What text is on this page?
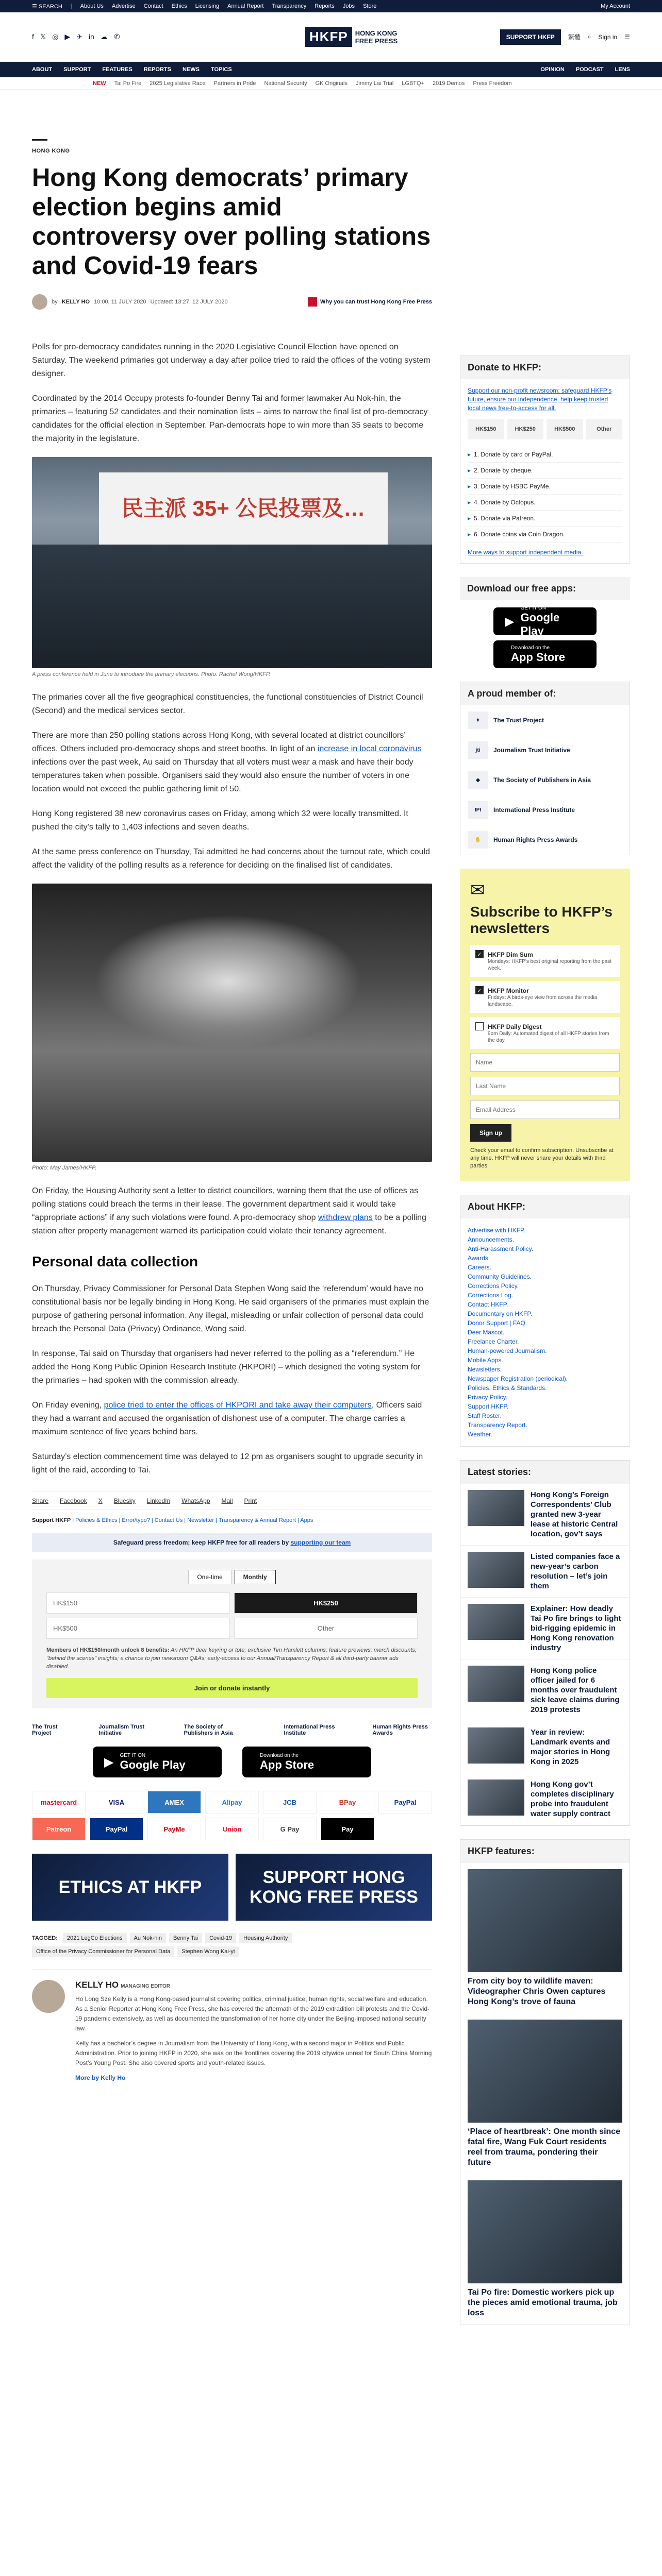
☰ SEARCH | About Us Advertise Contact Ethics Licensing Annual Report Transparency Reports Jobs Store	My Account
f 𝕏 ◎ ▶ ✈ in ☁ ✆	HKFP	HONG KONG
FREE PRESS	SUPPORT HKFP	繁體 ⌕ Sign in ☰
ABOUT SUPPORT FEATURES REPORTS NEWS TOPICS	OPINION PODCAST LENS
NEW Tai Po Fire 2025 Legislative Race Partners in Pride National Security GK Originals Jimmy Lai Trial LGBTQ+ 2019 Demos Press Freedom
HONG KONG
Hong Kong democrats’ primary election begins amid controversy over polling stations and Covid-19 fears
by KELLY HO 10:00, 11 JULY 2020 Updated: 13:27, 12 JULY 2020	Why you can trust Hong Kong Free Press

Polls for pro-democracy candidates running in the 2020 Legislative Council Election have opened on Saturday. The weekend primaries got underway a day after police tried to raid the offices of the voting system designer.

Coordinated by the 2014 Occupy protests fo-founder Benny Tai and former lawmaker Au Nok-hin, the primaries – featuring 52 candidates and their nomination lists – aims to narrow the final list of pro-democracy candidates for the official election in September. Pan-democrats hope to win more than 35 seats to become the majority in the legislature.

民主派 35+ 公民投票及…
A press conference held in June to introduce the primary elections. Photo: Rachel Wong/HKFP.

The primaries cover all the five geographical constituencies, the functional constituencies of District Council (Second) and the medical services sector.

There are more than 250 polling stations across Hong Kong, with several located at district councillors’ offices. Others included pro-democracy shops and street booths. In light of an increase in local coronavirus infections over the past week, Au said on Thursday that all voters must wear a mask and have their body temperatures taken when possible. Organisers said they would also ensure the number of voters in one location would not exceed the public gathering limit of 50.

Hong Kong registered 38 new coronavirus cases on Friday, among which 32 were locally transmitted. It pushed the city’s tally to 1,403 infections and seven deaths.

At the same press conference on Thursday, Tai admitted he had concerns about the turnout rate, which could affect the validity of the polling results as a reference for deciding on the finalised list of candidates.

Photo: May James/HKFP.

On Friday, the Housing Authority sent a letter to district councillors, warning them that the use of offices as polling stations could breach the terms in their lease. The government department said it would take “appropriate actions” if any such violations were found. A pro-democracy shop withdrew plans to be a polling station after property management warned its participation could violate their tenancy agreement.

Personal data collection

On Thursday, Privacy Commissioner for Personal Data Stephen Wong said the ‘referendum’ would have no constitutional basis nor be legally binding in Hong Kong. He said organisers of the primaries must explain the purpose of gathering personal information. Any illegal, misleading or unfair collection of personal data could breach the Personal Data (Privacy) Ordinance, Wong said.

In response, Tai said on Thursday that organisers had never referred to the polling as a “referendum.” He added the Hong Kong Public Opinion Research Institute (HKPORI) – which designed the voting system for the primaries – had spoken with the commission already.

On Friday evening, police tried to enter the offices of HKPORI and take away their computers. Officers said they had a warrant and accused the organisation of dishonest use of a computer. The charge carries a maximum sentence of five years behind bars.

Saturday’s election commencement time was delayed to 12 pm as organisers sought to upgrade security in light of the raid, according to Tai.

Share Facebook X Bluesky LinkedIn WhatsApp Mail Print
Support HKFP | Policies & Ethics | Error/typo? | Contact Us | Newsletter | Transparency & Annual Report | Apps
Safeguard press freedom; keep HKFP free for all readers by supporting our team
One-time	Monthly
HK$150	HK$250
HK$500	Other
Members of HK$150/month unlock 8 benefits: An HKFP deer keyring or tote; exclusive Tim Hamlett columns; feature previews; merch discounts; "behind the scenes" insights; a chance to join newsroom Q&As; early-access to our Annual/Transparency Report & all third-party banner ads disabled.
Join or donate instantly
The Trust Project
Journalism Trust Initiative
The Society of Publishers in Asia
International Press Institute
Human Rights Press Awards
▶ GET IT ON
Google Play
Download on the
App Store
mastercard	VISA	AMEX	Alipay	JCB	BPay	PayPal
Patreon	PayPal	PayMe	Union	G Pay	Pay
ETHICS AT HKFP	SUPPORT HONG KONG FREE PRESS
TAGGED:	2021 LegCo Elections	Au Nok-hin	Benny Tai	Covid-19	Housing Authority
Office of the Privacy Commissioner for Personal Data	Stephen Wong Kai-yi
KELLY HO MANAGING EDITOR

Ho Long Sze Kelly is a Hong Kong-based journalist covering politics, criminal justice, human rights, social welfare and education. As a Senior Reporter at Hong Kong Free Press, she has covered the aftermath of the 2019 extradition bill protests and the Covid-19 pandemic extensively, as well as documented the transformation of her home city under the Beijing-imposed national security law.

Kelly has a bachelor’s degree in Journalism from the University of Hong Kong, with a second major in Politics and Public Administration. Prior to joining HKFP in 2020, she was on the frontlines covering the 2019 citywide unrest for South China Morning Post’s Young Post. She also covered sports and youth-related issues.

More by Kelly Ho
Donate to HKFP:

Support our non-profit newsroom: safeguard HKFP’s future, ensure our independence, help keep trusted local news free-to-access for all.

HK$150	HK$250	HK$500	Other
▸ 1. Donate by card or PayPal.
▸ 2. Donate by cheque.
▸ 3. Donate by HSBC PayMe.
▸ 4. Donate by Octopus.
▸ 5. Donate via Patreon.
▸ 6. Donate coins via Coin Dragon.
More ways to support independent media.
Download our free apps:
▶
GET IT ON
Google Play
Download on the
App Store
A proud member of:
✦	The Trust Project
jti	Journalism Trust Initiative
◆	The Society of Publishers in Asia
IPI	International Press Institute
✋	Human Rights Press Awards
✉
Subscribe to HKFP’s newsletters
✓ HKFP Dim Sum

Mondays: HKFP’s best original reporting from the past week.

✓ HKFP Monitor

Fridays: A birds-eye view from across the media landscape.

HKFP Daily Digest

9pm Daily: Automated digest of all HKFP stories from the day.

Name Last Name Email Address Sign up
Check your email to confirm subscription. Unsubscribe at any time. HKFP will never share your details with third parties.
About HKFP:
Advertise with HKFP.
Announcements.
Anti-Harassment Policy.
Awards.
Careers.
Community Guidelines.
Corrections Policy.
Corrections Log.
Contact HKFP.
Documentary on HKFP.
Donor Support | FAQ.
Deer Mascot.
Freelance Charter.
Human-powered Journalism.
Mobile Apps.
Newsletters.
Newspaper Registration (periodical).
Policies, Ethics & Standards.
Privacy Policy.
Support HKFP.
Staff Roster.
Transparency Report.
Weather.
Latest stories:
Hong Kong’s Foreign Correspondents’ Club granted new 3-year lease at historic Central location, gov’t says
Listed companies face a new-year’s carbon resolution – let’s join them
Explainer: How deadly Tai Po fire brings to light bid-rigging epidemic in Hong Kong renovation industry
Hong Kong police officer jailed for 6 months over fraudulent sick leave claims during 2019 protests
Year in review: Landmark events and major stories in Hong Kong in 2025
Hong Kong gov’t completes disciplinary probe into fraudulent water supply contract
HKFP features:
From city boy to wildlife maven: Videographer Chris Owen captures Hong Kong’s trove of fauna
‘Place of heartbreak’: One month since fatal fire, Wang Fuk Court residents reel from trauma, pondering their future
Tai Po fire: Domestic workers pick up the pieces amid emotional trauma, job loss
